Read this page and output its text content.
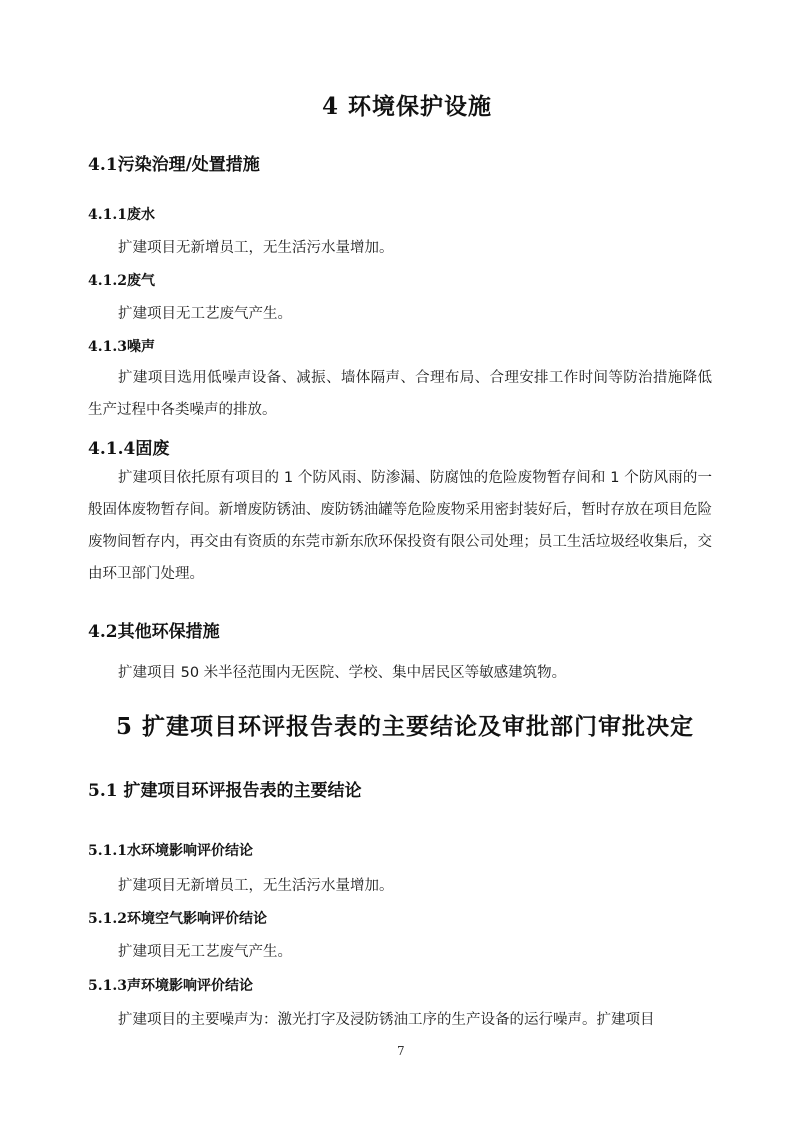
4 环境保护设施
4.1污染治理/处置措施
4.1.1废水
扩建项目无新增员工，无生活污水量增加。
4.1.2废气
扩建项目无工艺废气产生。
4.1.3噪声

扩建项目选用低噪声设备、减振、墙体隔声、合理布局、合理安排工作时间等防治措施降低生产过程中各类噪声的排放。

4.1.4固废

扩建项目依托原有项目的 1 个防风雨、防渗漏、防腐蚀的危险废物暂存间和 1 个防风雨的一般固体废物暂存间。新增废防锈油、废防锈油罐等危险废物采用密封装好后，暂时存放在项目危险废物间暂存内，再交由有资质的东莞市新东欣环保投资有限公司处理；员工生活垃圾经收集后，交由环卫部门处理。

4.2其他环保措施
扩建项目 50 米半径范围内无医院、学校、集中居民区等敏感建筑物。
5 扩建项目环评报告表的主要结论及审批部门审批决定
5.1 扩建项目环评报告表的主要结论
5.1.1水环境影响评价结论
扩建项目无新增员工，无生活污水量增加。
5.1.2环境空气影响评价结论
扩建项目无工艺废气产生。
5.1.3声环境影响评价结论
扩建项目的主要噪声为：激光打字及浸防锈油工序的生产设备的运行噪声。扩建项目
7
